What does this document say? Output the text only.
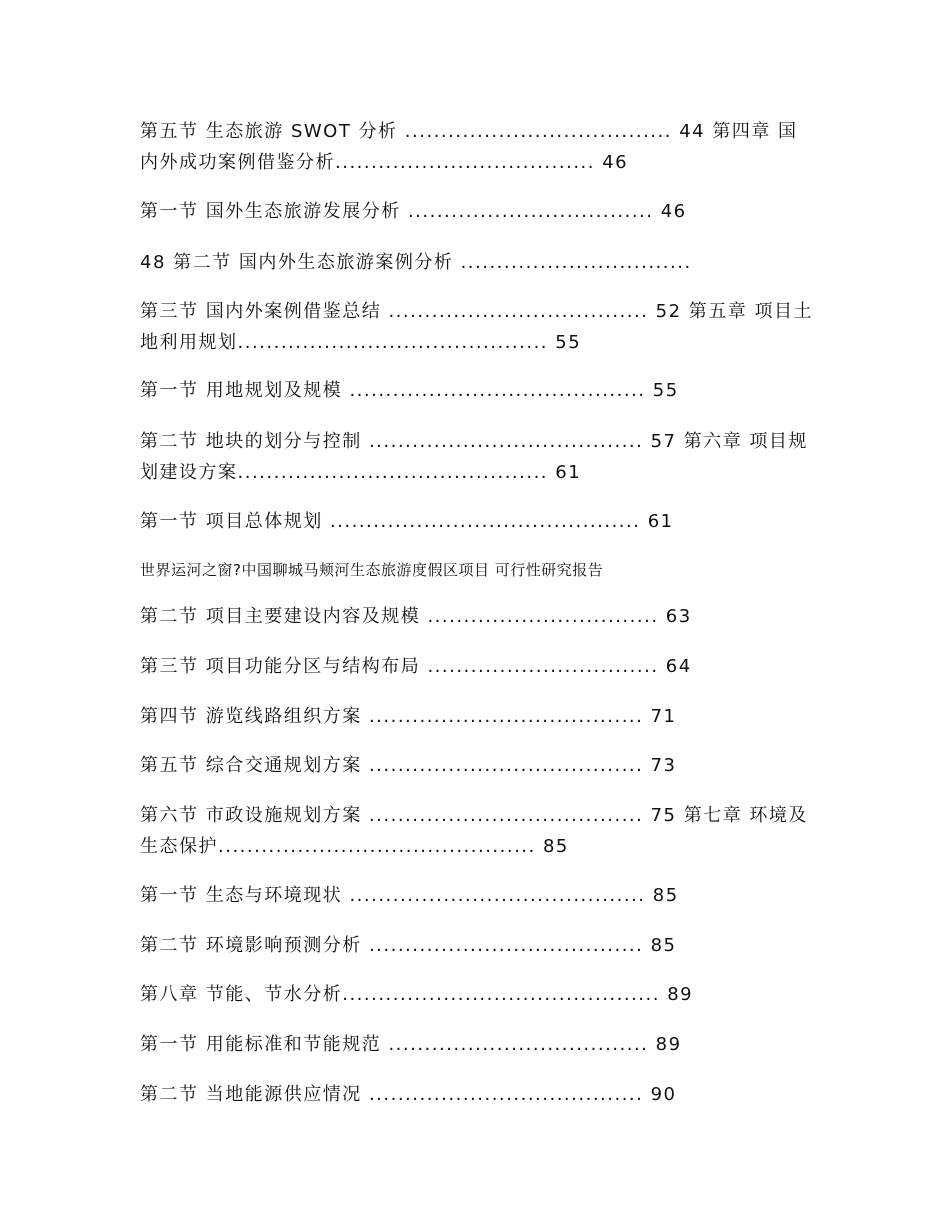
第五节 生态旅游 SWOT 分析 ..................................... 44 第四章 国内外成功案例借鉴分析.................................... 46

第一节 国外生态旅游发展分析 .................................. 46

48 第二节 国内外生态旅游案例分析 ................................

第三节 国内外案例借鉴总结 .................................... 52 第五章 项目土地利用规划........................................... 55

第一节 用地规划及规模 ......................................... 55

第二节 地块的划分与控制 ...................................... 57 第六章 项目规划建设方案........................................... 61

第一节 项目总体规划 ........................................... 61

世界运河之窗?中国聊城马颊河生态旅游度假区项目 可行性研究报告

第二节 项目主要建设内容及规模 ................................ 63

第三节 项目功能分区与结构布局 ................................ 64

第四节 游览线路组织方案 ...................................... 71

第五节 综合交通规划方案 ...................................... 73

第六节 市政设施规划方案 ...................................... 75 第七章 环境及生态保护............................................ 85

第一节 生态与环境现状 ......................................... 85

第二节 环境影响预测分析 ...................................... 85

第八章 节能、节水分析............................................ 89

第一节 用能标准和节能规范 .................................... 89

第二节 当地能源供应情况 ...................................... 90
